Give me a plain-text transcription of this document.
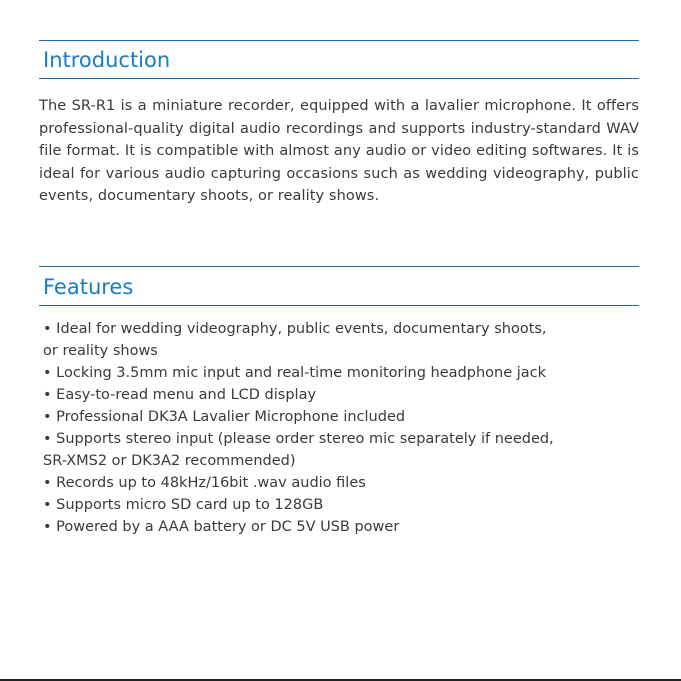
Introduction
The SR-R1 is a miniature recorder, equipped with a lavalier microphone. It offers professional-quality digital audio recordings and supports industry-standard WAV file format. It is compatible with almost any audio or video editing softwares. It is ideal for various audio capturing occasions such as wedding videography, public events, documentary shoots, or reality shows.
Features
• Ideal for wedding videography, public events, documentary shoots,
or reality shows
• Locking 3.5mm mic input and real-time monitoring headphone jack
• Easy-to-read menu and LCD display
• Professional DK3A Lavalier Microphone included
• Supports stereo input (please order stereo mic separately if needed,
SR-XMS2 or DK3A2 recommended)
• Records up to 48kHz/16bit .wav audio files
• Supports micro SD card up to 128GB
• Powered by a AAA battery or DC 5V USB power
